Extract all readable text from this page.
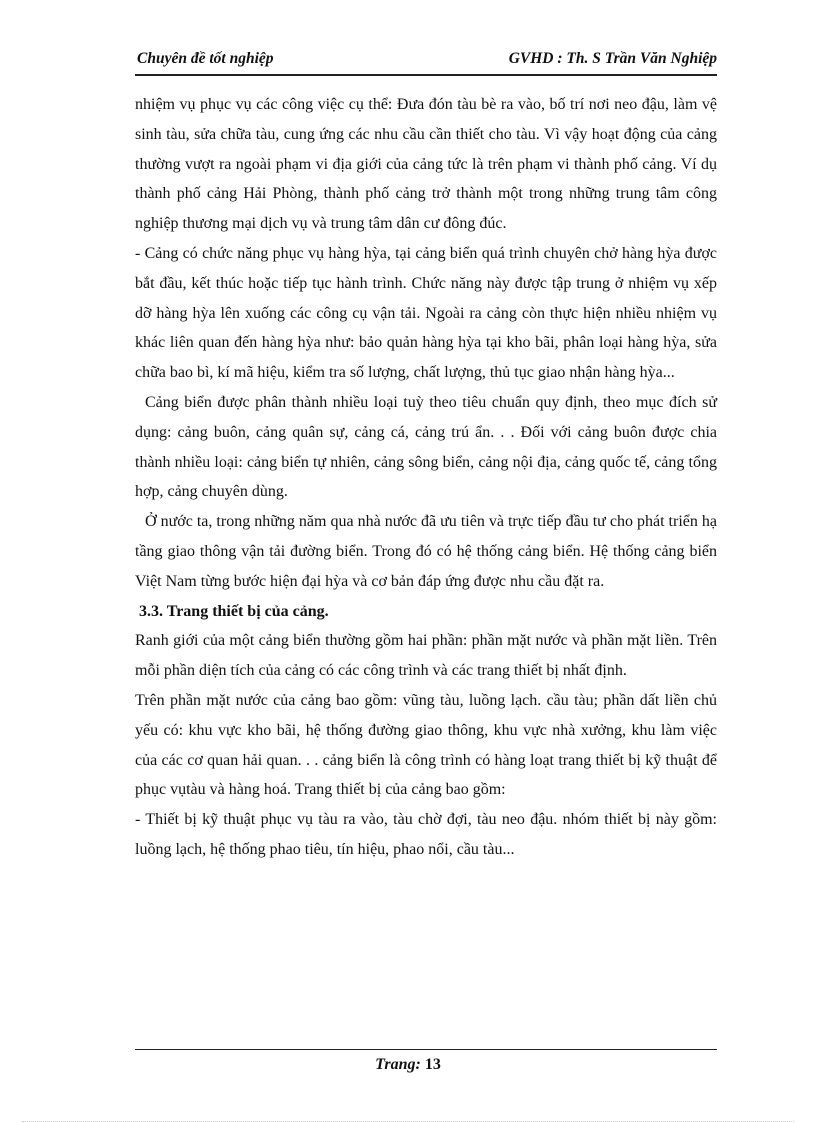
Chuyên đề tốt nghiệp	GVHD : Th. S Trần Văn Nghiệp

nhiệm vụ phục vụ các công việc cụ thể: Đưa đón tàu bè ra vào, bố trí nơi neo đậu, làm vệ sinh tàu, sửa chữa tàu, cung ứng các nhu cầu cần thiết cho tàu. Vì vậy hoạt động của cảng thường vượt ra ngoài phạm vi địa giới của cảng tức là trên phạm vi thành phố cảng. Ví dụ thành phố cảng Hải Phòng, thành phố cảng trở thành một trong những trung tâm công nghiệp thương mại dịch vụ và trung tâm dân cư đông đúc.

- Cảng có chức năng phục vụ hàng hỳa, tại cảng biển quá trình chuyên chở hàng hỳa được bắt đầu, kết thúc hoặc tiếp tục hành trình. Chức năng này được tập trung ở nhiệm vụ xếp dỡ hàng hỳa lên xuống các công cụ vận tải. Ngoài ra cảng còn thực hiện nhiều nhiệm vụ khác liên quan đến hàng hỳa như: bảo quản hàng hỳa tại kho bãi, phân loại hàng hỳa, sửa chữa bao bì, kí mã hiệu, kiểm tra số lượng, chất lượng, thủ tục giao nhận hàng hỳa...

Cảng biển được phân thành nhiều loại tuỳ theo tiêu chuẩn quy định, theo mục đích sử dụng: cảng buôn, cảng quân sự, cảng cá, cảng trú ẩn. . . Đối với cảng buôn được chia thành nhiều loại: cảng biển tự nhiên, cảng sông biển, cảng nội địa, cảng quốc tế, cảng tổng hợp, cảng chuyên dùng.

Ở nước ta, trong những năm qua nhà nước đã ưu tiên và trực tiếp đầu tư cho phát triển hạ tầng giao thông vận tải đường biển. Trong đó có hệ thống cảng biển. Hệ thống cảng biển Việt Nam từng bước hiện đại hỳa và cơ bản đáp ứng được nhu cầu đặt ra.

3.3. Trang thiết bị của cảng.

Ranh giới của một cảng biển thường gồm hai phần: phần mặt nước và phần mặt liền. Trên mỗi phần diện tích của cảng có các công trình và các trang thiết bị nhất định.

Trên phần mặt nước của cảng bao gồm: vũng tàu, luồng lạch. cầu tàu; phần dất liền chủ yếu có: khu vực kho bãi, hệ thống đường giao thông, khu vực nhà xưởng, khu làm việc của các cơ quan hải quan. . . cảng biển là công trình có hàng loạt trang thiết bị kỹ thuật để phục vụtàu và hàng hoá. Trang thiết bị của cảng bao gồm:

- Thiết bị kỹ thuật phục vụ tàu ra vào, tàu chờ đợi, tàu neo đậu. nhóm thiết bị này gồm: luồng lạch, hệ thống phao tiêu, tín hiệu, phao nổi, cầu tàu...

Trang: 13
